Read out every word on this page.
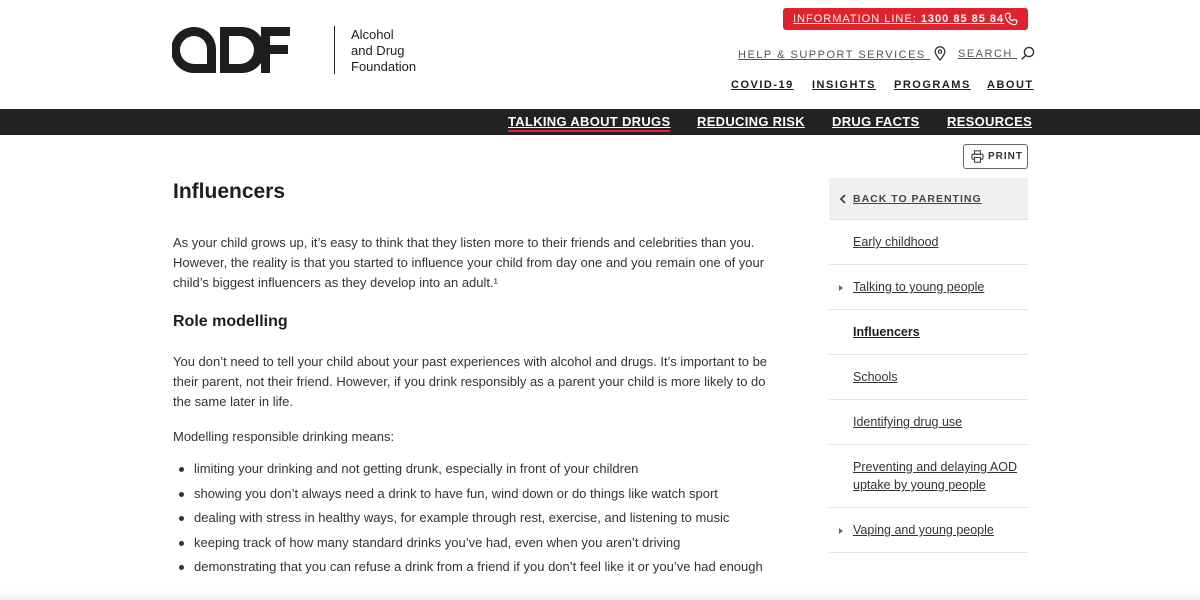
Alcohol
and Drug
Foundation
INFORMATION LINE: 1300 85 85 84
HELP & SUPPORT SERVICES	SEARCH
COVID-19 INSIGHTS PROGRAMS ABOUT
TALKING ABOUT DRUGS REDUCING RISK DRUG FACTS RESOURCES
PRINT
Influencers

As your child grows up, it’s easy to think that they listen more to their friends and celebrities than you. However, the reality is that you started to influence your child from day one and you remain one of your child’s biggest influencers as they develop into an adult.¹

Role modelling

You don’t need to tell your child about your past experiences with alcohol and drugs. It’s important to be their parent, not their friend. However, if you drink responsibly as a parent your child is more likely to do the same later in life.

Modelling responsible drinking means:

limiting your drinking and not getting drunk, especially in front of your children
showing you don’t always need a drink to have fun, wind down or do things like watch sport
dealing with stress in healthy ways, for example through rest, exercise, and listening to music
keeping track of how many standard drinks you’ve had, even when you aren’t driving
demonstrating that you can refuse a drink from a friend if you don’t feel like it or you’ve had enough
BACK TO PARENTING
Early childhood
Talking to young people
Influencers
Schools
Identifying drug use
Preventing and delaying AOD uptake by young people
Vaping and young people
